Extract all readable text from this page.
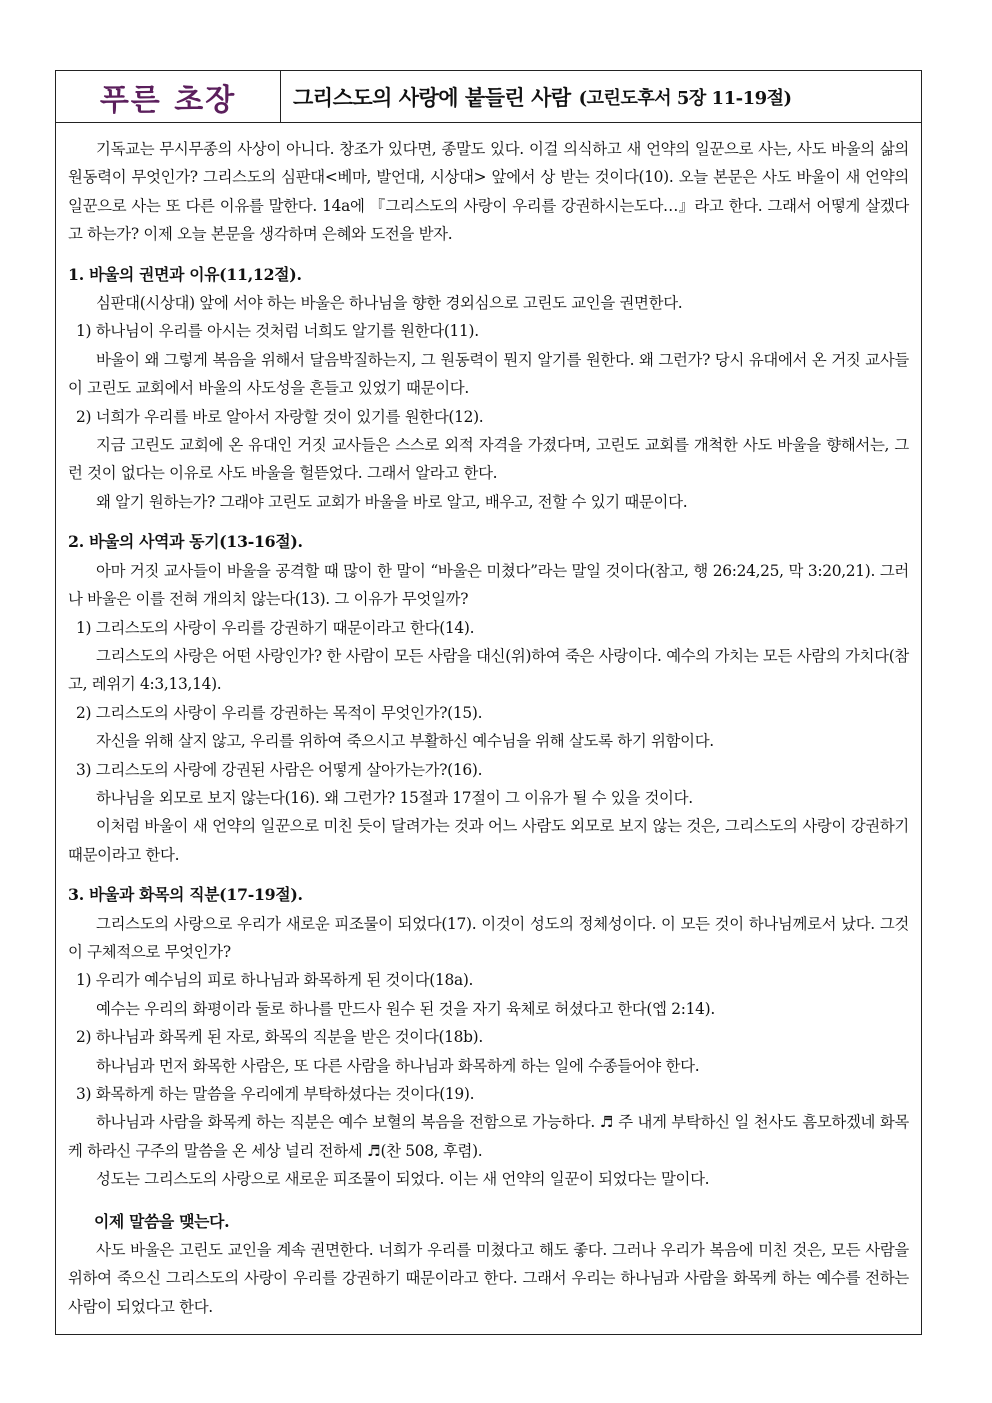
푸른 초장	그리스도의 사랑에 붙들린 사람 (고린도후서 5장 11-19절)

기독교는 무시무종의 사상이 아니다. 창조가 있다면, 종말도 있다. 이걸 의식하고 새 언약의 일꾼으로 사는, 사도 바울의 삶의 원동력이 무엇인가? 그리스도의 심판대<베마, 발언대, 시상대> 앞에서 상 받는 것이다(10). 오늘 본문은 사도 바울이 새 언약의 일꾼으로 사는 또 다른 이유를 말한다. 14a에 『그리스도의 사랑이 우리를 강권하시는도다…』라고 한다. 그래서 어떻게 살겠다고 하는가? 이제 오늘 본문을 생각하며 은혜와 도전을 받자.

1. 바울의 권면과 이유(11,12절).

심판대(시상대) 앞에 서야 하는 바울은 하나님을 향한 경외심으로 고린도 교인을 권면한다.

1) 하나님이 우리를 아시는 것처럼 너희도 알기를 원한다(11).

바울이 왜 그렇게 복음을 위해서 달음박질하는지, 그 원동력이 뭔지 알기를 원한다. 왜 그런가? 당시 유대에서 온 거짓 교사들이 고린도 교회에서 바울의 사도성을 흔들고 있었기 때문이다.

2) 너희가 우리를 바로 알아서 자랑할 것이 있기를 원한다(12).

지금 고린도 교회에 온 유대인 거짓 교사들은 스스로 외적 자격을 가졌다며, 고린도 교회를 개척한 사도 바울을 향해서는, 그런 것이 없다는 이유로 사도 바울을 헐뜯었다. 그래서 알라고 한다.

왜 알기 원하는가? 그래야 고린도 교회가 바울을 바로 알고, 배우고, 전할 수 있기 때문이다.

2. 바울의 사역과 동기(13-16절).

아마 거짓 교사들이 바울을 공격할 때 많이 한 말이 “바울은 미쳤다”라는 말일 것이다(참고, 행 26:24,25, 막 3:20,21). 그러나 바울은 이를 전혀 개의치 않는다(13). 그 이유가 무엇일까?

1) 그리스도의 사랑이 우리를 강권하기 때문이라고 한다(14).

그리스도의 사랑은 어떤 사랑인가? 한 사람이 모든 사람을 대신(위)하여 죽은 사랑이다. 예수의 가치는 모든 사람의 가치다(참고, 레위기 4:3,13,14).

2) 그리스도의 사랑이 우리를 강권하는 목적이 무엇인가?(15).

자신을 위해 살지 않고, 우리를 위하여 죽으시고 부활하신 예수님을 위해 살도록 하기 위함이다.

3) 그리스도의 사랑에 강권된 사람은 어떻게 살아가는가?(16).

하나님을 외모로 보지 않는다(16). 왜 그런가? 15절과 17절이 그 이유가 될 수 있을 것이다.

이처럼 바울이 새 언약의 일꾼으로 미친 듯이 달려가는 것과 어느 사람도 외모로 보지 않는 것은, 그리스도의 사랑이 강권하기 때문이라고 한다.

3. 바울과 화목의 직분(17-19절).

그리스도의 사랑으로 우리가 새로운 피조물이 되었다(17). 이것이 성도의 정체성이다. 이 모든 것이 하나님께로서 났다. 그것이 구체적으로 무엇인가?

1) 우리가 예수님의 피로 하나님과 화목하게 된 것이다(18a).

예수는 우리의 화평이라 둘로 하나를 만드사 원수 된 것을 자기 육체로 허셨다고 한다(엡 2:14).

2) 하나님과 화목케 된 자로, 화목의 직분을 받은 것이다(18b).

하나님과 먼저 화목한 사람은, 또 다른 사람을 하나님과 화목하게 하는 일에 수종들어야 한다.

3) 화목하게 하는 말씀을 우리에게 부탁하셨다는 것이다(19).

하나님과 사람을 화목케 하는 직분은 예수 보혈의 복음을 전함으로 가능하다. ♬ 주 내게 부탁하신 일 천사도 흠모하겠네 화목케 하라신 구주의 말씀을 온 세상 널리 전하세 ♬(찬 508, 후렴).

성도는 그리스도의 사랑으로 새로운 피조물이 되었다. 이는 새 언약의 일꾼이 되었다는 말이다.

이제 말씀을 맺는다.

사도 바울은 고린도 교인을 계속 권면한다. 너희가 우리를 미쳤다고 해도 좋다. 그러나 우리가 복음에 미친 것은, 모든 사람을 위하여 죽으신 그리스도의 사랑이 우리를 강권하기 때문이라고 한다. 그래서 우리는 하나님과 사람을 화목케 하는 예수를 전하는 사람이 되었다고 한다.
